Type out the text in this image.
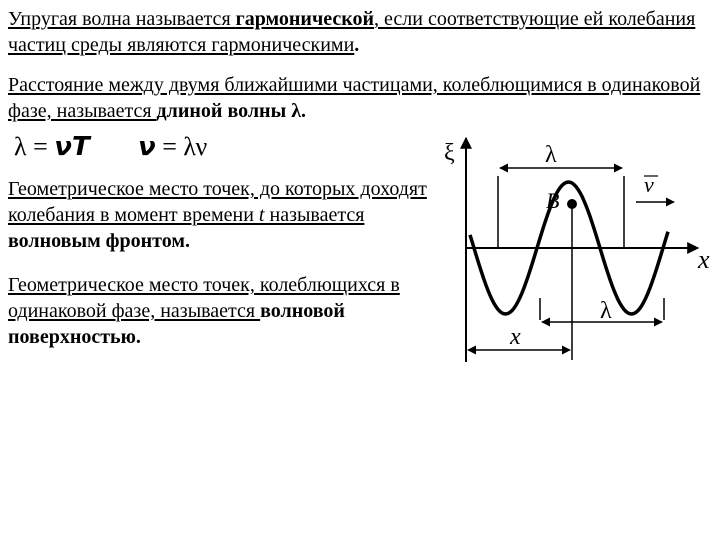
Упругая волна называется гармонической, если соответствующие ей колебания частиц среды являются гармоническими.
Расстояние между двумя ближайшими частицами, колеблющимися в одинаковой фазе, называется длиной волны λ.
λ = νT ν = λν
Геометрическое место точек, до которых доходят колебания в момент времени t называется волновым фронтом.
Геометрическое место точек, колеблющихся в одинаковой фазе, называется волновой поверхностью.
ξ
x
λ
v
B
λ
x
